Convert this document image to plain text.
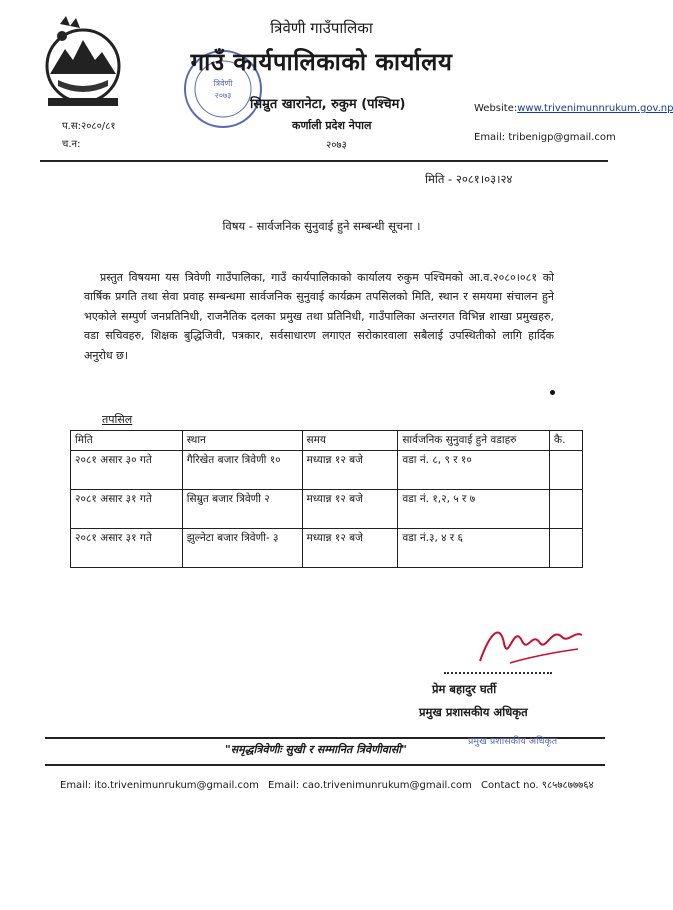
त्रिवेणी
२०७३
त्रिवेणी गाउँपालिका
गाउँ कार्यपालिकाको कार्यालय
सिम्रुत खारानेटा, रुकुम (पश्चिम)
कर्णाली प्रदेश नेपाल
२०७३
प.स:२०८०/८१
च.न:
Website:www.trivenimunnrukum.gov.np
Email: tribenigp@gmail.com
मिति - २०८१।०३।२४
विषय - सार्वजनिक सुनुवाई हुने सम्बन्धी सूचना ।
प्रस्तुत विषयमा यस त्रिवेणी गाउँपालिका, गाउँ कार्यपालिकाको कार्यालय रुकुम पश्चिमको आ.व.२०८०।०८१ को वार्षिक प्रगति तथा सेवा प्रवाह सम्बन्धमा सार्वजनिक सुनुवाई कार्यक्रम तपसिलको मिति, स्थान र समयमा संचालन हुने भएकोले सम्पुर्ण जनप्रतिनिधी, राजनैतिक दलका प्रमुख तथा प्रतिनिधी, गाउँपालिका अन्तरगत विभिन्न शाखा प्रमुखहरु, वडा सचिवहरु, शिक्षक बुद्धिजिवी, पत्रकार, सर्वसाधारण लगाएत सरोकारवाला सबैलाई उपस्थितीको लागि हार्दिक अनुरोध छ।
तपसिल
मिति	स्थान	समय	सार्वजनिक सुनुवाई हुने वडाहरु	कै.
२०८१ असार ३० गते	गैरिखेत बजार त्रिवेणी १०	मध्यान्न १२ बजे	वडा नं. ८, ९ र १०	
२०८१ असार ३१ गते	सिम्रुत बजार त्रिवेणी २	मध्यान्न १२ बजे	वडा नं. १,२, ५ र ७	
२०८१ असार ३१ गते	झुल्नेटा बजार त्रिवेणी- ३	मध्यान्न १२ बजे	वडा नं.३, ४ र ६	
प्रेम बहादुर घर्ती
प्रमुख प्रशासकीय अधिकृत
"समृद्धत्रिवेणीः सुखी र सम्मानित त्रिवेणीवासी"
प्रमुख प्रशासकीय अधिकृत
Email: ito.trivenimunrukum@gmail.com Email: cao.trivenimunrukum@gmail.com Contact no. ९८५७८७७७६४
